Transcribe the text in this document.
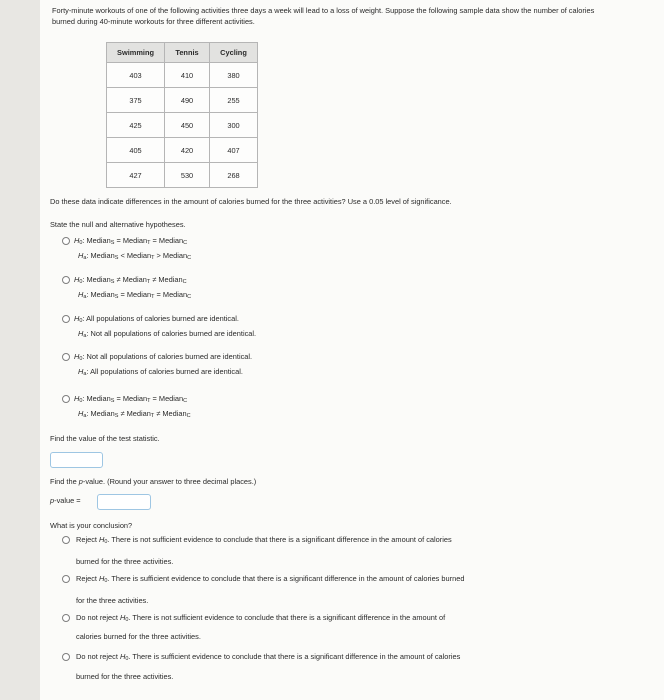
Forty-minute workouts of one of the following activities three days a week will lead to a loss of weight. Suppose the following sample data show the number of calories burned during 40-minute workouts for three different activities.
Swimming	Tennis	Cycling
403	410	380
375	490	255
425	450	300
405	420	407
427	530	268
Do these data indicate differences in the amount of calories burned for the three activities? Use a 0.05 level of significance.
State the null and alternative hypotheses.
$H_0$: Median$_S$ = Median$_T$ = Median$_C$
$H_a$: Median$_S$ < Median$_T$ > Median$_C$
$H_0$: Median$_S$ ≠ Median$_T$ ≠ Median$_C$
$H_a$: Median$_S$ = Median$_T$ = Median$_C$
$H_0$: All populations of calories burned are identical.
$H_a$: Not all populations of calories burned are identical.
$H_0$: Not all populations of calories burned are identical.
$H_a$: All populations of calories burned are identical.
$H_0$: Median$_S$ = Median$_T$ = Median$_C$
$H_a$: Median$_S$ ≠ Median$_T$ ≠ Median$_C$
Find the value of the test statistic.
Find the p-value. (Round your answer to three decimal places.)
p-value =
What is your conclusion?
Reject $H_0$. There is not sufficient evidence to conclude that there is a significant difference in the amount of calories
burned for the three activities.
Reject $H_0$. There is sufficient evidence to conclude that there is a significant difference in the amount of calories burned
for the three activities.
Do not reject $H_0$. There is not sufficient evidence to conclude that there is a significant difference in the amount of
calories burned for the three activities.
Do not reject $H_0$. There is sufficient evidence to conclude that there is a significant difference in the amount of calories
burned for the three activities.
